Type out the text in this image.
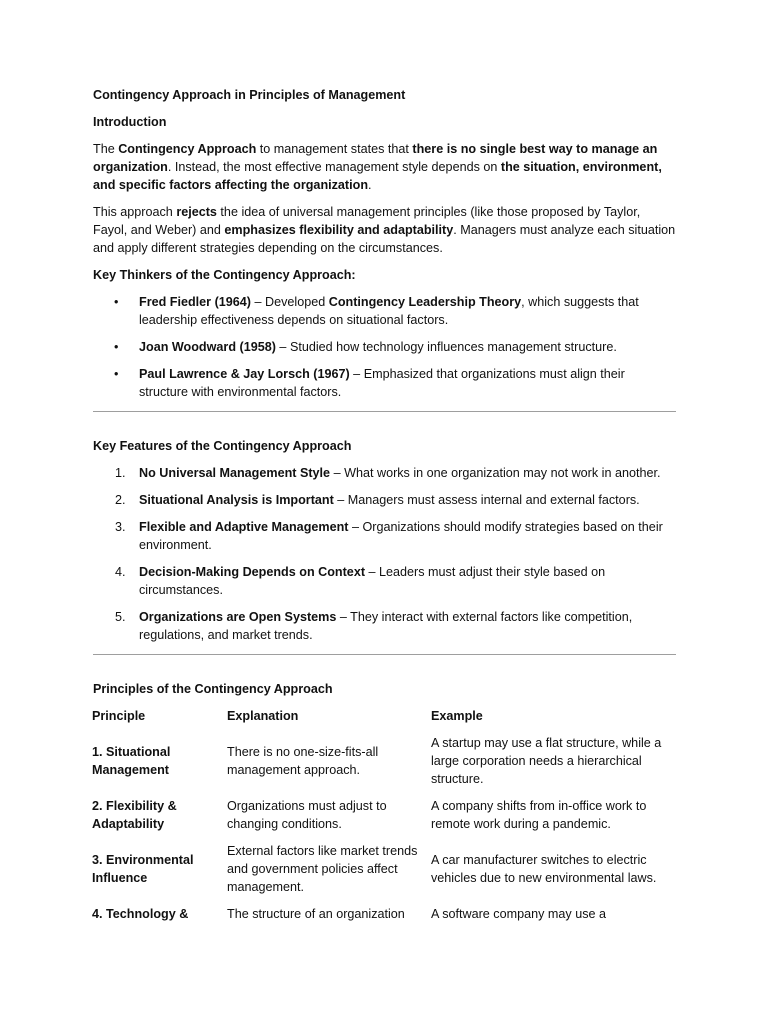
Contingency Approach in Principles of Management

Introduction

The Contingency Approach to management states that there is no single best way to manage an organization. Instead, the most effective management style depends on the situation, environment, and specific factors affecting the organization.

This approach rejects the idea of universal management principles (like those proposed by Taylor, Fayol, and Weber) and emphasizes flexibility and adaptability. Managers must analyze each situation and apply different strategies depending on the circumstances.

Key Thinkers of the Contingency Approach:

• Fred Fiedler (1964) – Developed Contingency Leadership Theory, which suggests that leadership effectiveness depends on situational factors.
• Joan Woodward (1958) – Studied how technology influences management structure.
• Paul Lawrence & Jay Lorsch (1967) – Emphasized that organizations must align their structure with environmental factors.

Key Features of the Contingency Approach

1. No Universal Management Style – What works in one organization may not work in another.
2. Situational Analysis is Important – Managers must assess internal and external factors.
3. Flexible and Adaptive Management – Organizations should modify strategies based on their environment.
4. Decision-Making Depends on Context – Leaders must adjust their style based on circumstances.
5. Organizations are Open Systems – They interact with external factors like competition, regulations, and market trends.

Principles of the Contingency Approach

Principle	Explanation	Example
1. Situational Management	There is no one-size-fits-all management approach.	A startup may use a flat structure, while a large corporation needs a hierarchical structure.

2. Flexibility & Adaptability	Organizations must adjust to changing conditions.	A company shifts from in-office work to remote work during a pandemic.

3. Environmental Influence	External factors like market trends and government policies affect management.	A car manufacturer switches to electric vehicles due to new environmental laws.

4. Technology &	The structure of an organization	A software company may use a
